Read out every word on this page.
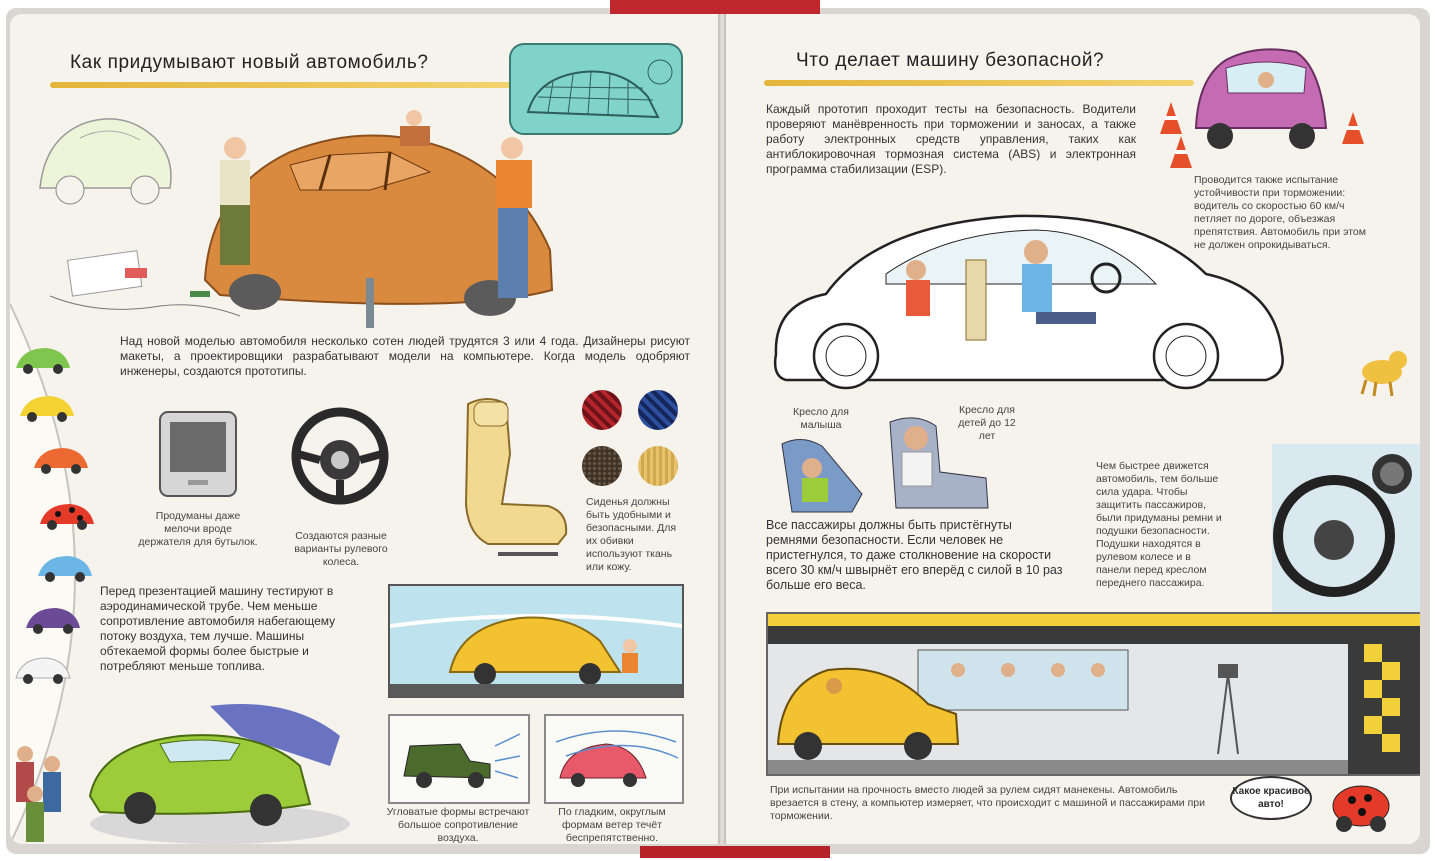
Как придумывают новый автомобиль?

Над новой моделью автомобиля несколько сотен людей трудятся 3 или 4 года. Дизайнеры рисуют макеты, а проектировщики разрабатывают модели на компьютере. Когда модель одобряют инженеры, создаются прототипы.

Продуманы даже мелочи вроде держателя для бутылок.	Создаются разные варианты рулевого колеса.

Сиденья должны быть удобными и безопасными. Для их обивки используют ткань или кожу.

Перед презентацией машину тестируют в аэродинамической трубе. Чем меньше сопротивление автомобиля набегающему потоку воздуха, тем лучше. Машины обтекаемой формы более быстрые и потребляют меньше топлива.

Угловатые формы встречают большое сопротивление воздуха.

По гладким, округлым формам ветер течёт беспрепятственно.

Что делает машину безопасной?

Каждый прототип проходит тесты на безопасность. Водители проверяют манёвренность при торможении и заносах, а также работу электронных средств управления, таких как антиблокировочная тормозная система (ABS) и электронная программа стабилизации (ESP).

Проводится также испытание устойчивости при торможении: водитель со скоростью 60 км/ч петляет по дороге, объезжая препятствия. Автомобиль при этом не должен опрокидываться.

Кресло для малыша
Кресло для детей до 12 лет

Все пассажиры должны быть пристёгнуты ремнями безопасности. Если человек не пристегнулся, то даже столкновение на скорости всего 30 км/ч швырнёт его вперёд с силой в 10 раз больше его веса.

Чем быстрее движется автомобиль, тем больше сила удара. Чтобы защитить пассажиров, были придуманы ремни и подушки безопасности. Подушки находятся в рулевом колесе и в панели перед креслом переднего пассажира.

При испытании на прочность вместо людей за рулем сидят манекены. Автомобиль врезается в стену, а компьютер измеряет, что происходит с машиной и пассажирами при торможении.

Какое красивое авто!
